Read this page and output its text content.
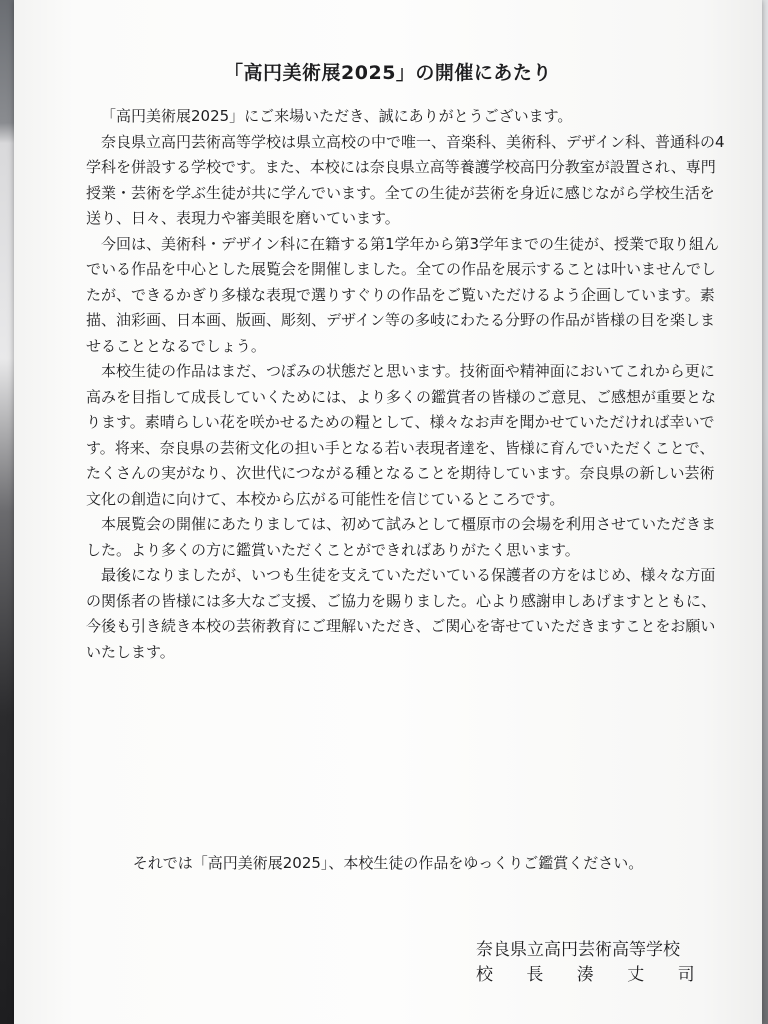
「高円美術展2025」の開催にあたり

「高円美術展2025」にご来場いただき、誠にありがとうございます。

奈良県立高円芸術高等学校は県立高校の中で唯一、音楽科、美術科、デザイン科、普通科の4学科を併設する学校です。また、本校には奈良県立高等養護学校高円分教室が設置され、専門授業・芸術を学ぶ生徒が共に学んでいます。全ての生徒が芸術を身近に感じながら学校生活を送り、日々、表現力や審美眼を磨いています。

今回は、美術科・デザイン科に在籍する第1学年から第3学年までの生徒が、授業で取り組んでいる作品を中心とした展覧会を開催しました。全ての作品を展示することは叶いませんでしたが、できるかぎり多様な表現で選りすぐりの作品をご覧いただけるよう企画しています。素描、油彩画、日本画、版画、彫刻、デザイン等の多岐にわたる分野の作品が皆様の目を楽しませることとなるでしょう。

本校生徒の作品はまだ、つぼみの状態だと思います。技術面や精神面においてこれから更に高みを目指して成長していくためには、より多くの鑑賞者の皆様のご意見、ご感想が重要となります。素晴らしい花を咲かせるための糧として、様々なお声を聞かせていただければ幸いです。将来、奈良県の芸術文化の担い手となる若い表現者達を、皆様に育んでいただくことで、たくさんの実がなり、次世代につながる種となることを期待しています。奈良県の新しい芸術文化の創造に向けて、本校から広がる可能性を信じているところです。

本展覧会の開催にあたりましては、初めて試みとして橿原市の会場を利用させていただきました。より多くの方に鑑賞いただくことができればありがたく思います。

最後になりましたが、いつも生徒を支えていただいている保護者の方をはじめ、様々な方面の関係者の皆様には多大なご支援、ご協力を賜りました。心より感謝申しあげますとともに、今後も引き続き本校の芸術教育にご理解いただき、ご関心を寄せていただきますことをお願いいたします。

それでは「高円美術展2025」、本校生徒の作品をゆっくりご鑑賞ください。
奈良県立高円芸術高等学校
校 長 湊 丈 司
